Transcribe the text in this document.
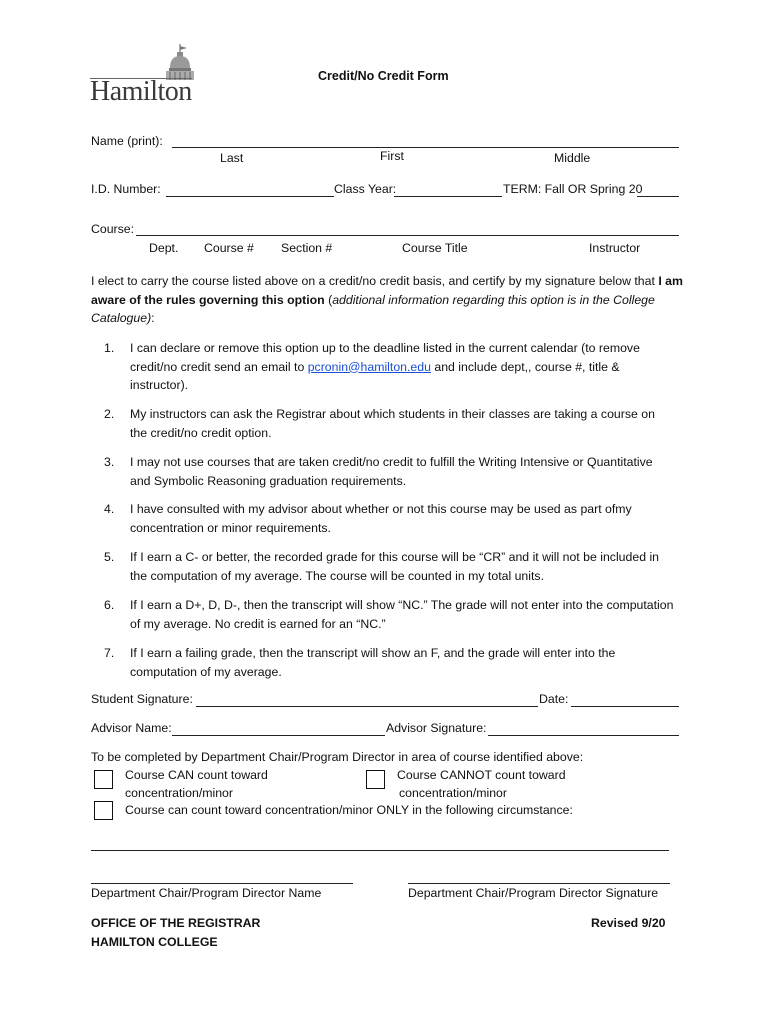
Hamilton	Credit/No Credit Form
Name (print):
Last	First	Middle
I.D. Number:	Class Year:	TERM: Fall OR Spring 20
Course:
Dept. Course # Section #	Course Title	Instructor
I elect to carry the course listed above on a credit/no credit basis, and certify by my signature below that I am aware of the rules governing this option (additional information regarding this option is in the College Catalogue):
1. I can declare or remove this option up to the deadline listed in the current calendar (to remove credit/no credit send an email to pcronin@hamilton.edu and include dept,, course #, title & instructor).
2. My instructors can ask the Registrar about which students in their classes are taking a course on the credit/no credit option.
3. I may not use courses that are taken credit/no credit to fulfill the Writing Intensive or Quantitative and Symbolic Reasoning graduation requirements.
4. I have consulted with my advisor about whether or not this course may be used as part ofmy concentration or minor requirements.
5. If I earn a C- or better, the recorded grade for this course will be “CR” and it will not be included in the computation of my average. The course will be counted in my total units.
6. If I earn a D+, D, D-, then the transcript will show “NC.” The grade will not enter into the computation of my average. No credit is earned for an “NC.”
7. If I earn a failing grade, then the transcript will show an F, and the grade will enter into the computation of my average.
Student Signature:	Date:
Advisor Name:	Advisor Signature:
To be completed by Department Chair/Program Director in area of course identified above:
Course CAN count toward
concentration/minor
Course CANNOT count toward
concentration/minor
Course can count toward concentration/minor ONLY in the following circumstance:
Department Chair/Program Director Name	Department Chair/Program Director Signature
OFFICE OF THE REGISTRAR
HAMILTON COLLEGE
Revised 9/20
